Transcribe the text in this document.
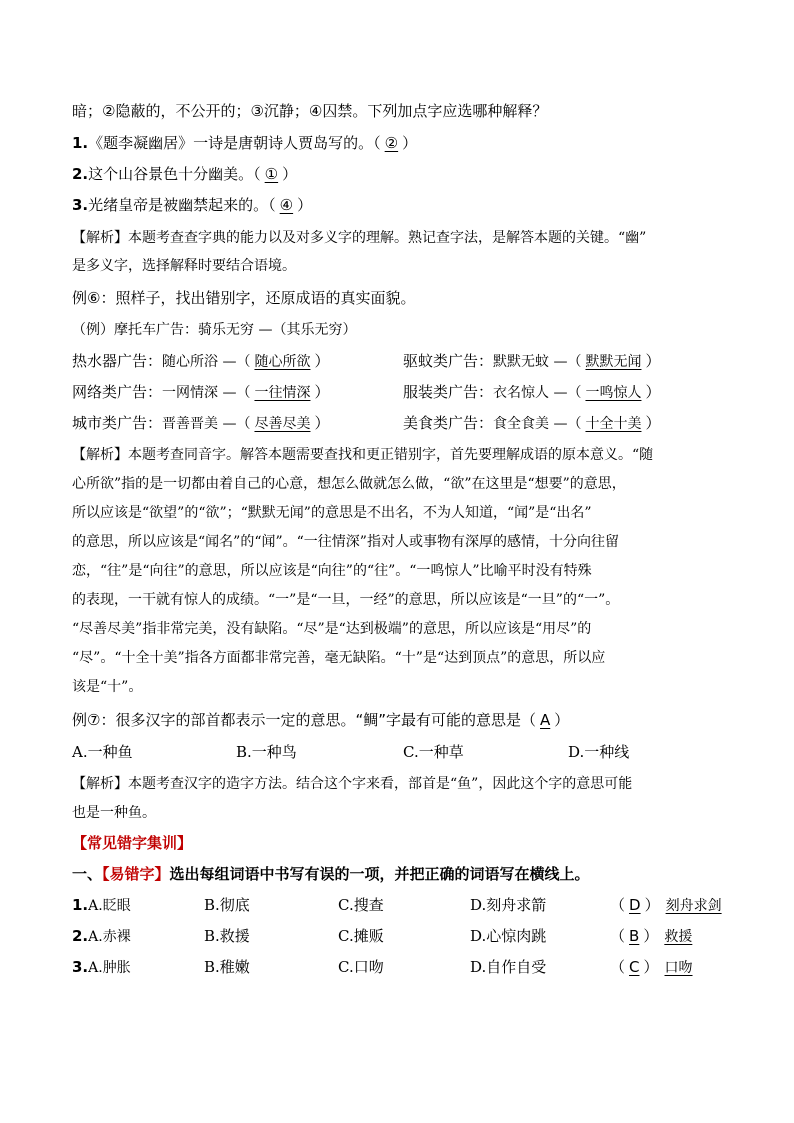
暗；②隐蔽的，不公开的；③沉静；④囚禁。下列加点字应选哪种解释？
1.《题李凝幽居》一诗是唐朝诗人贾岛写的。（ ② ）
2.这个山谷景色十分幽美。（ ① ）
3.光绪皇帝是被幽禁起来的。（ ④ ）
【解析】本题考查查字典的能力以及对多义字的理解。熟记查字法，是解答本题的关键。“幽”
是多义字，选择解释时要结合语境。
例⑥：照样子，找出错别字，还原成语的真实面貌。
（例）摩托车广告：骑乐无穷 —（其乐无穷）
热水器广告：随心所浴 —（ 随心所欲 ）	驱蚊类广告：默默无蚊 —（ 默默无闻 ）
网络类广告：一网情深 —（ 一往情深 ）	服装类广告：衣名惊人 —（ 一鸣惊人 ）
城市类广告：晋善晋美 —（ 尽善尽美 ）	美食类广告：食全食美 —（ 十全十美 ）
【解析】本题考查同音字。解答本题需要查找和更正错别字，首先要理解成语的原本意义。“随
心所欲”指的是一切都由着自己的心意，想怎么做就怎么做，“欲”在这里是“想要”的意思，
所以应该是“欲望”的“欲”；“默默无闻”的意思是不出名，不为人知道，“闻”是“出名”
的意思，所以应该是“闻名”的“闻”。“一往情深”指对人或事物有深厚的感情，十分向往留
恋，“往”是“向往”的意思，所以应该是“向往”的“往”。“一鸣惊人”比喻平时没有特殊
的表现，一干就有惊人的成绩。“一”是“一旦，一经”的意思，所以应该是“一旦”的“一”。
“尽善尽美”指非常完美，没有缺陷。“尽”是“达到极端”的意思，所以应该是“用尽”的
“尽”。“十全十美”指各方面都非常完善，毫无缺陷。“十”是“达到顶点”的意思，所以应
该是“十”。
例⑦：很多汉字的部首都表示一定的意思。“鲷”字最有可能的意思是（ A ）
A.一种鱼	B.一种鸟	C.一种草	D.一种线
【解析】本题考查汉字的造字方法。结合这个字来看，部首是“鱼”，因此这个字的意思可能
也是一种鱼。
【常见错字集训】
一、【易错字】选出每组词语中书写有误的一项，并把正确的词语写在横线上。
1.A.眨眼	B.彻底	C.搜查	D.刻舟求箭	（ D ） 刻舟求剑
2.A.赤裸	B.救援	C.摊贩	D.心惊肉跳	（ B ） 救援
3.A.肿胀	B.稚嫩	C.口吻	D.自作自受	（ C ） 口吻
